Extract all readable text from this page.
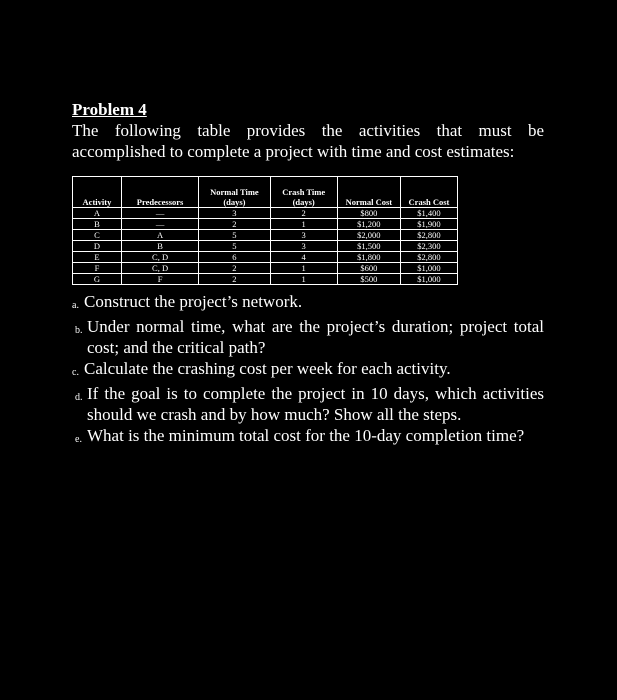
Problem 4
The following table provides the activities that must be accomplished to complete a project with time and cost estimates:
Activity	Predecessors	Normal Time (days)	Crash Time (days)	Normal Cost	Crash Cost
A	—	3	2	$800	$1,400
B	—	2	1	$1,200	$1,900
C	A	5	3	$2,000	$2,800
D	B	5	3	$1,500	$2,300
E	C, D	6	4	$1,800	$2,800
F	C, D	2	1	$600	$1,000
G	F	2	1	$500	$1,000
a. Construct the project’s network.
b. Under normal time, what are the project’s duration; project total cost; and the critical path?
c. Calculate the crashing cost per week for each activity.
d. If the goal is to complete the project in 10 days, which activities should we crash and by how much? Show all the steps.
e. What is the minimum total cost for the 10-day completion time?
